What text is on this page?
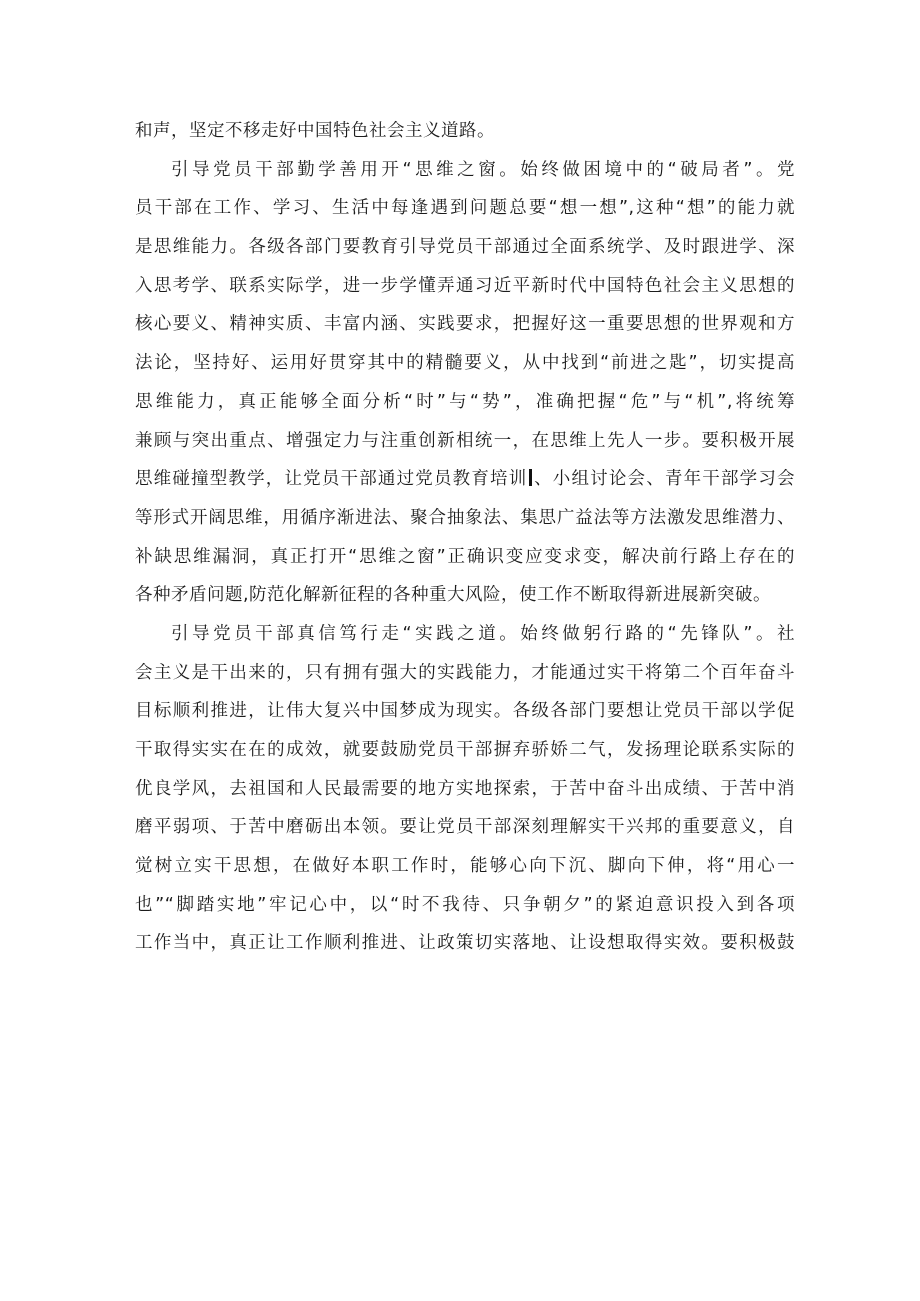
和声，坚定不移走好中国特色社会主义道路。
引导党员干部勤学善用开“思维之窗。始终做困境中的“破局者”。党
员干部在工作、学习、生活中每逢遇到问题总要“想一想”,这种“想”的能力就
是思维能力。各级各部门要教育引导党员干部通过全面系统学、及时跟进学、深
入思考学、联系实际学，进一步学懂弄通习近平新时代中国特色社会主义思想的
核心要义、精神实质、丰富内涵、实践要求，把握好这一重要思想的世界观和方
法论，坚持好、运用好贯穿其中的精髓要义，从中找到“前进之匙”，切实提高
思维能力，真正能够全面分析“时”与“势”，准确把握“危”与“机”,将统筹
兼顾与突出重点、增强定力与注重创新相统一，在思维上先人一步。要积极开展
思维碰撞型教学，让党员干部通过党员教育培训 、小组讨论会、青年干部学习会
等形式开阔思维，用循序渐进法、聚合抽象法、集思广益法等方法激发思维潜力、
补缺思维漏洞，真正打开“思维之窗”正确识变应变求变，解决前行路上存在的
各种矛盾问题,防范化解新征程的各种重大风险，使工作不断取得新进展新突破。
引导党员干部真信笃行走“实践之道。始终做躬行路的“先锋队”。社
会主义是干出来的，只有拥有强大的实践能力，才能通过实干将第二个百年奋斗
目标顺利推进，让伟大复兴中国梦成为现实。各级各部门要想让党员干部以学促
干取得实实在在的成效，就要鼓励党员干部摒弃骄娇二气，发扬理论联系实际的
优良学风，去祖国和人民最需要的地方实地探索，于苦中奋斗出成绩、于苦中消
磨平弱项、于苦中磨砺出本领。要让党员干部深刻理解实干兴邦的重要意义，自
觉树立实干思想，在做好本职工作时，能够心向下沉、脚向下伸，将“用心一
也”“脚踏实地”牢记心中，以“时不我待、只争朝夕”的紧迫意识投入到各项
工作当中，真正让工作顺利推进、让政策切实落地、让设想取得实效。要积极鼓
